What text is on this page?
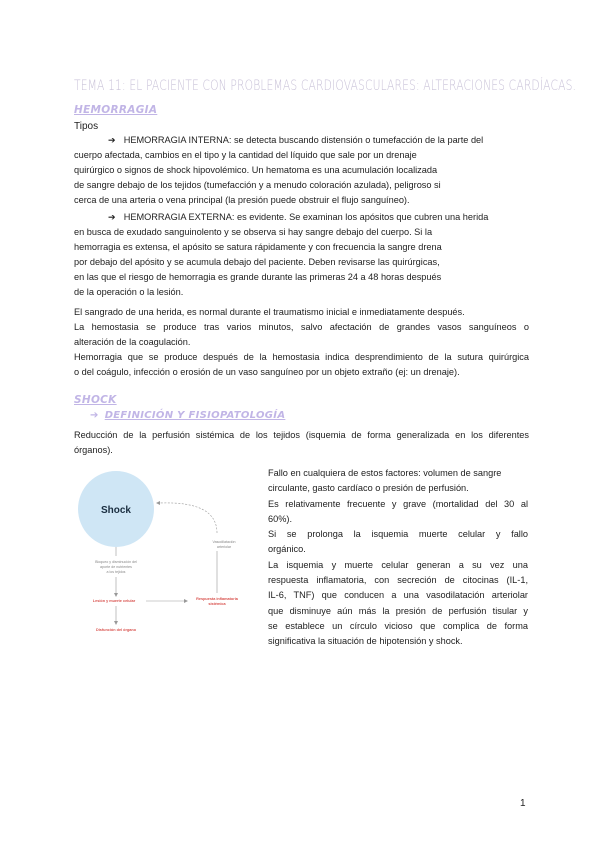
TEMA 11: EL PACIENTE CON PROBLEMAS CARDIOVASCULARES: ALTERACIONES CARDÍACAS.
HEMORRAGIA
Tipos
➔ HEMORRAGIA INTERNA: se detecta buscando distensión o tumefacción de la parte del
cuerpo afectada, cambios en el tipo y la cantidad del líquido que sale por un drenaje
quirúrgico o signos de shock hipovolémico. Un hematoma es una acumulación localizada
de sangre debajo de los tejidos (tumefacción y a menudo coloración azulada), peligroso si
cerca de una arteria o vena principal (la presión puede obstruir el flujo sanguíneo).
➔ HEMORRAGIA EXTERNA: es evidente. Se examinan los apósitos que cubren una herida
en busca de exudado sanguinolento y se observa si hay sangre debajo del cuerpo. Si la
hemorragia es extensa, el apósito se satura rápidamente y con frecuencia la sangre drena
por debajo del apósito y se acumula debajo del paciente. Deben revisarse las quirúrgicas,
en las que el riesgo de hemorragia es grande durante las primeras 24 a 48 horas después
de la operación o la lesión.
El sangrado de una herida, es normal durante el traumatismo inicial e inmediatamente después.
La hemostasia se produce tras varios minutos, salvo afectación de grandes vasos sanguíneos o
alteración de la coagulación.
Hemorragia que se produce después de la hemostasia indica desprendimiento de la sutura quirúrgica
o del coágulo, infección o erosión de un vaso sanguíneo por un objeto extraño (ej: un drenaje).
SHOCK
➔ DEFINICIÓN Y FISIOPATOLOGÍA
Reducción de la perfusión sistémica de los tejidos (isquemia de forma generalizada en los diferentes
órganos).
Shock
Bloqueo y disminución del
aporte de nutrientes
a los tejidos
Lesión y muerte celular	Respuesta inflamatoria
sistémica
Vasodilatación
arteriolar
Disfunción del órgano
Fallo en cualquiera de estos factores: volumen de sangre
circulante, gasto cardíaco o presión de perfusión.
Es relativamente frecuente y grave (mortalidad del 30 al
60%).
Si se prolonga la isquemia muerte celular y fallo
orgánico.
La isquemia y muerte celular generan a su vez una
respuesta inflamatoria, con secreción de citocinas (IL-1,
IL-6, TNF) que conducen a una vasodilatación arteriolar
que disminuye aún más la presión de perfusión tisular y
se establece un círculo vicioso que complica de forma
significativa la situación de hipotensión y shock.
1
